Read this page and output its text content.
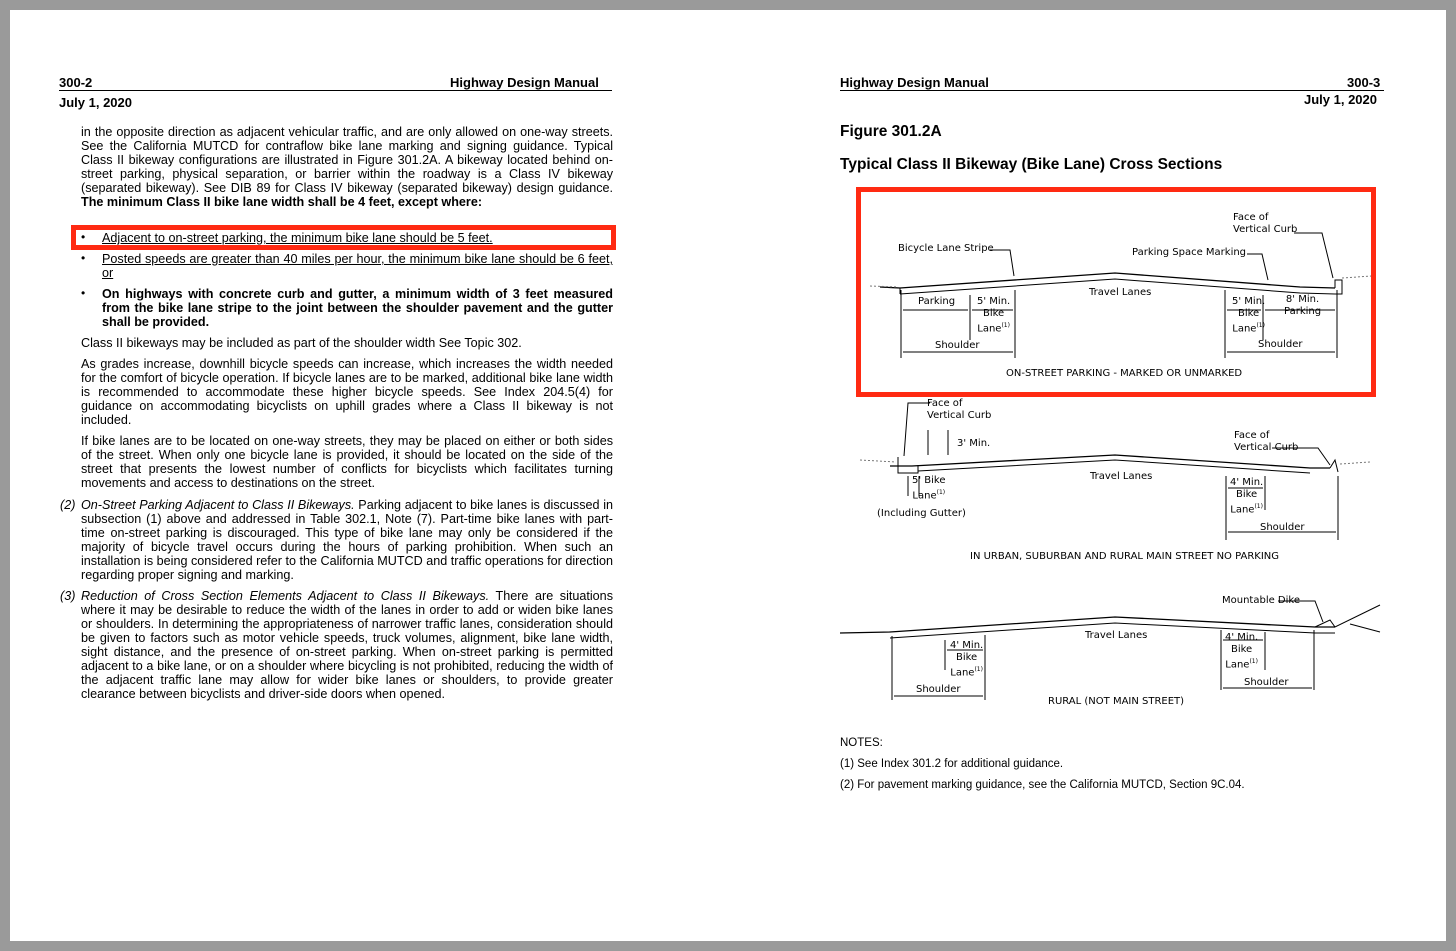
300-2	Highway Design Manual
July 1, 2020
in the opposite direction as adjacent vehicular traffic, and are only allowed on one-way streets. See the California MUTCD for contraflow bike lane marking and signing guidance. Typical Class II bikeway configurations are illustrated in Figure 301.2A. A bikeway located behind on-street parking, physical separation, or barrier within the roadway is a Class IV bikeway (separated bikeway). See DIB 89 for Class IV bikeway (separated bikeway) design guidance. The minimum Class II bike lane width shall be 4 feet, except where:
• Adjacent to on-street parking, the minimum bike lane should be 5 feet.
• Posted speeds are greater than 40 miles per hour, the minimum bike lane should be 6 feet, or
• On highways with concrete curb and gutter, a minimum width of 3 feet measured from the bike lane stripe to the joint between the shoulder pavement and the gutter shall be provided.
Class II bikeways may be included as part of the shoulder width See Topic 302.
As grades increase, downhill bicycle speeds can increase, which increases the width needed for the comfort of bicycle operation. If bicycle lanes are to be marked, additional bike lane width is recommended to accommodate these higher bicycle speeds. See Index 204.5(4) for guidance on accommodating bicyclists on uphill grades where a Class II bikeway is not included.
If bike lanes are to be located on one-way streets, they may be placed on either or both sides of the street. When only one bicycle lane is provided, it should be located on the side of the street that presents the lowest number of conflicts for bicyclists which facilitates turning movements and access to destinations on the street.
(2) On-Street Parking Adjacent to Class II Bikeways. Parking adjacent to bike lanes is discussed in subsection (1) above and addressed in Table 302.1, Note (7). Part-time bike lanes with part-time on-street parking is discouraged. This type of bike lane may only be considered if the majority of bicycle travel occurs during the hours of parking prohibition. When such an installation is being considered refer to the California MUTCD and traffic operations for direction regarding proper signing and marking.
(3) Reduction of Cross Section Elements Adjacent to Class II Bikeways. There are situations where it may be desirable to reduce the width of the lanes in order to add or widen bike lanes or shoulders. In determining the appropriateness of narrower traffic lanes, consideration should be given to factors such as motor vehicle speeds, truck volumes, alignment, bike lane width, sight distance, and the presence of on-street parking. When on-street parking is permitted adjacent to a bike lane, or on a shoulder where bicycling is not prohibited, reducing the width of the adjacent traffic lane may allow for wider bike lanes or shoulders, to provide greater clearance between bicyclists and driver-side doors when opened.
Highway Design Manual	300-3
July 1, 2020
Figure 301.2A
Typical Class II Bikeway (Bike Lane) Cross Sections
Face of
Vertical Curb
Bicycle Lane Stripe	Parking Space Marking
Travel Lanes
Parking 5' Min.
Bike
Lane$^{(1)}$
Shoulder
5' Min.
Bike
Lane$^{(1)}$
8' Min.
Parking
Shoulder
ON-STREET PARKING - MARKED OR UNMARKED
Face of
Vertical Curb
3' Min.
Face of
Vertical Curb
Travel Lanes
5' Bike
Lane$^{(1)}$
(Including Gutter)
4' Min.
Bike
Lane$^{(1)}$
Shoulder
IN URBAN, SUBURBAN AND RURAL MAIN STREET NO PARKING
Mountable Dike
Travel Lanes
4' Min.
Bike
Lane$^{(1)}$
Shoulder
4' Min.
Bike
Lane$^{(1)}$
Shoulder
RURAL (NOT MAIN STREET)
NOTES:
(1) See Index 301.2 for additional guidance.
(2) For pavement marking guidance, see the California MUTCD, Section 9C.04.
